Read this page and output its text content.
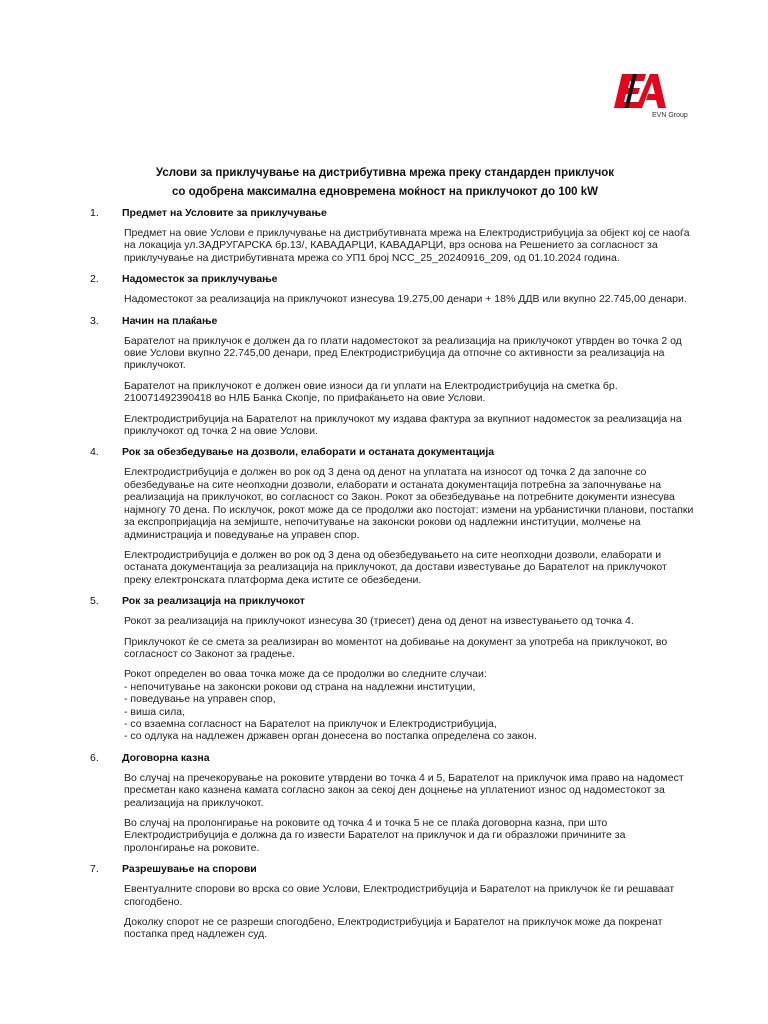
EVN Group
Услови за приклучување на дистрибутивна мрежа преку стандарден приклучок
со одобрена максимална едновремена моќност на приклучокот до 100 kW
1. Предмет на Условите за приклучување

Предмет на овие Услови е приклучување на дистрибутивната мрежа на Електродистрибуција за објект кој се наоѓа на локација ул.ЗАДРУГАРСКА бр.13/, КАВАДАРЦИ, КАВАДАРЦИ, врз основа на Решението за согласност за приклучување на дистрибутивната мрежа со УП1 број NCC_25_20240916_209, од 01.10.2024 година.

2. Надоместок за приклучување

Надоместокот за реализација на приклучокот изнесува 19.275,00 денари + 18% ДДВ или вкупно 22.745,00 денари.

3. Начин на плаќање

Барателот на приклучок е должен да го плати надоместокот за реализација на приклучокот утврден во точка 2 од овие Услови вкупно 22.745,00 денари, пред Електродистрибуција да отпочне со активности за реализација на приклучокот.

Барателот на приклучокот е должен овие износи да ги уплати на Електродистрибуција на сметка бр. 210071492390418 во НЛБ Банка Скопје, по прифаќањето на овие Услови.

Електродистрибуција на Барателот на приклучокот му издава фактура за вкупниот надоместок за реализација на приклучокот од точка 2 на овие Услови.

4. Рок за обезбедување на дозволи, елаборати и останата документација

Електродистрибуција е должен во рок од 3 дена од денот на уплатата на износот од точка 2 да започне со обезбедување на сите неопходни дозволи, елаборати и останата документација потребна за започнување на реализација на приклучокот, во согласност со Закон. Рокот за обезбедување на потребните документи изнесува најмногу 70 дена. По исклучок, рокот може да се продолжи ако постојат: измени на урбанистички планови, постапки за експропријација на земјиште, непочитување на законски рокови од надлежни институции, молчење на администрација и поведување на управен спор.

Електродистрибуција е должен во рок од 3 дена од обезбедувањето на сите неопходни дозволи, елаборати и останата документација за реализација на приклучокот, да достави известување до Барателот на приклучокот преку електронската платформа дека истите се обезбедени.

5. Рок за реализација на приклучокот

Рокот за реализација на приклучокот изнесува 30 (триесет) дена од денот на известувањето од точка 4.

Приклучокот ќе се смета за реализиран во моментот на добивање на документ за употреба на приклучокот, во согласност со Законот за градење.

Рокот определен во оваа точка може да се продолжи во следните случаи:
- непочитување на законски рокови од страна на надлежни институции,
- поведување на управен спор,
- виша сила,
- со взаемна согласност на Барателот на приклучок и Електродистрибуција,
- со одлука на надлежен државен орган донесена во постапка определена со закон.

6. Договорна казна

Во случај на пречекорување на роковите утврдени во точка 4 и 5, Барателот на приклучок има право на надомест пресметан како казнена камата согласно закон за секој ден доцнење на уплатениот износ од надоместокот за реализација на приклучокот.

Во случај на пролонгирање на роковите од точка 4 и точка 5 не се плаќа договорна казна, при што Електродистрибуција е должна да го извести Барателот на приклучок и да ги образложи причините за пролонгирање на роковите.

7. Разрешување на спорови

Евентуалните спорови во врска со овие Услови, Електродистрибуција и Барателот на приклучок ќе ги решаваат спогодбено.

Доколку спорот не се разреши спогодбено, Електродистрибуција и Барателот на приклучок може да покренат постапка пред надлежен суд.
